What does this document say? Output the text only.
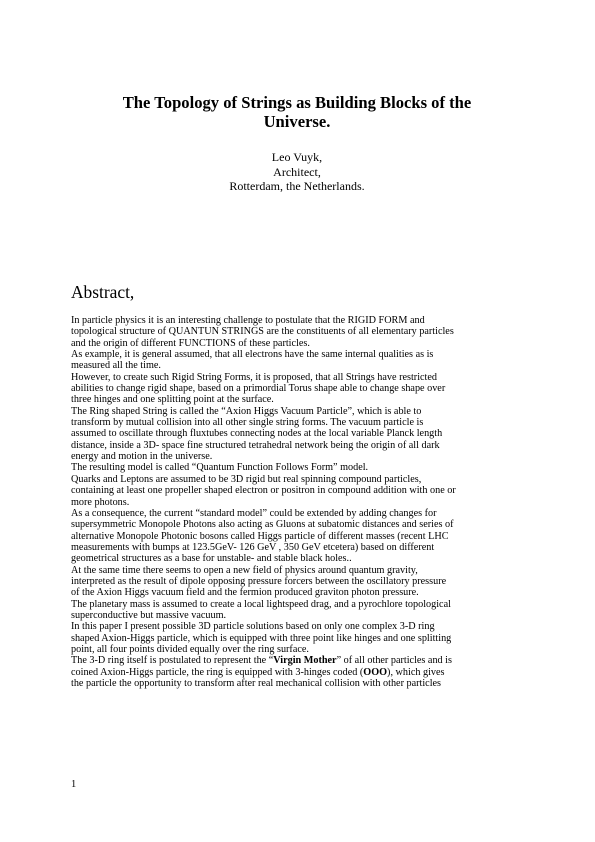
The Topology of Strings as Building Blocks of the
Universe.
Leo Vuyk,
Architect,
Rotterdam, the Netherlands.
Abstract,
In particle physics it is an interesting challenge to postulate that the RIGID FORM and
topological structure of QUANTUN STRINGS are the constituents of all elementary particles
and the origin of different FUNCTIONS of these particles.
As example, it is general assumed, that all electrons have the same internal qualities as is
measured all the time.
However, to create such Rigid String Forms, it is proposed, that all Strings have restricted
abilities to change rigid shape, based on a primordial Torus shape able to change shape over
three hinges and one splitting point at the surface.
The Ring shaped String is called the “Axion Higgs Vacuum Particle”, which is able to
transform by mutual collision into all other single string forms. The vacuum particle is
assumed to oscillate through fluxtubes connecting nodes at the local variable Planck length
distance, inside a 3D- space fine structured tetrahedral network being the origin of all dark
energy and motion in the universe.
The resulting model is called “Quantum Function Follows Form” model.
Quarks and Leptons are assumed to be 3D rigid but real spinning compound particles,
containing at least one propeller shaped electron or positron in compound addition with one or
more photons.
As a consequence, the current “standard model” could be extended by adding changes for
supersymmetric Monopole Photons also acting as Gluons at subatomic distances and series of
alternative Monopole Photonic bosons called Higgs particle of different masses (recent LHC
measurements with bumps at 123.5GeV- 126 GeV , 350 GeV etcetera) based on different
geometrical structures as a base for unstable- and stable black holes..
At the same time there seems to open a new field of physics around quantum gravity,
interpreted as the result of dipole opposing pressure forcers between the oscillatory pressure
of the Axion Higgs vacuum field and the fermion produced graviton photon pressure.
The planetary mass is assumed to create a local lightspeed drag, and a pyrochlore topological
superconductive but massive vacuum.
In this paper I present possible 3D particle solutions based on only one complex 3-D ring
shaped Axion-Higgs particle, which is equipped with three point like hinges and one splitting
point, all four points divided equally over the ring surface.
The 3-D ring itself is postulated to represent the “Virgin Mother” of all other particles and is
coined Axion-Higgs particle, the ring is equipped with 3-hinges coded (OOO), which gives
the particle the opportunity to transform after real mechanical collision with other particles
1
